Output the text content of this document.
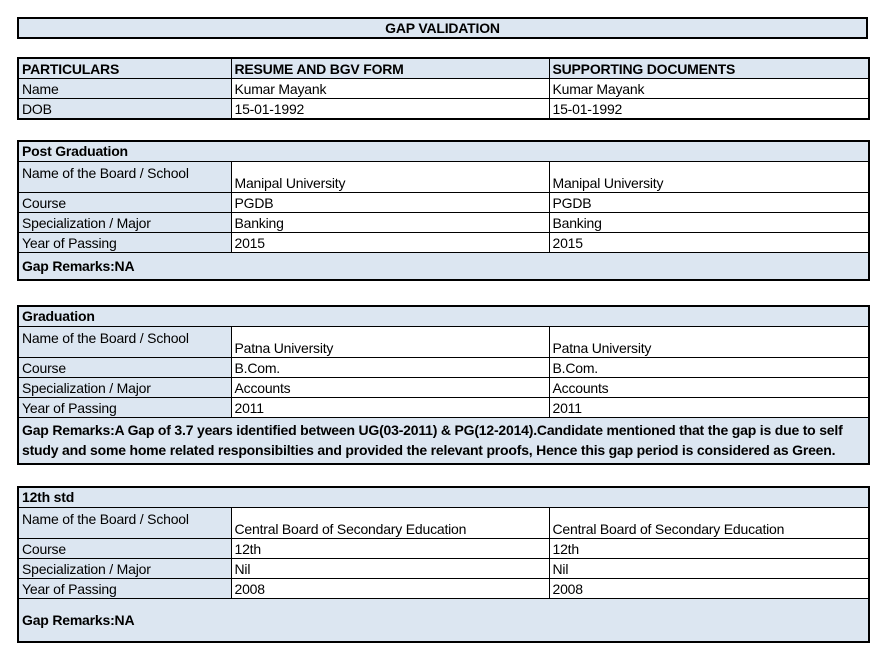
GAP VALIDATION
PARTICULARS	RESUME AND BGV FORM	SUPPORTING DOCUMENTS
Name	Kumar Mayank	Kumar Mayank
DOB	15-01-1992	15-01-1992
Post Graduation		
Name of the Board / School	Manipal University	Manipal University
Course	PGDB	PGDB
Specialization / Major	Banking	Banking
Year of Passing	2015	2015
Gap Remarks:NA		
Graduation		
Name of the Board / School	Patna University	Patna University
Course	B.Com.	B.Com.
Specialization / Major	Accounts	Accounts
Year of Passing	2011	2011
Gap Remarks:A Gap of 3.7 years identified between UG(03-2011) & PG(12-2014).Candidate mentioned that the gap is due to self study and some home related responsibilties and provided the relevant proofs, Hence this gap period is considered as Green.		
12th std		
Name of the Board / School	Central Board of Secondary Education	Central Board of Secondary Education
Course	12th	12th
Specialization / Major	Nil	Nil
Year of Passing	2008	2008
Gap Remarks:NA		
